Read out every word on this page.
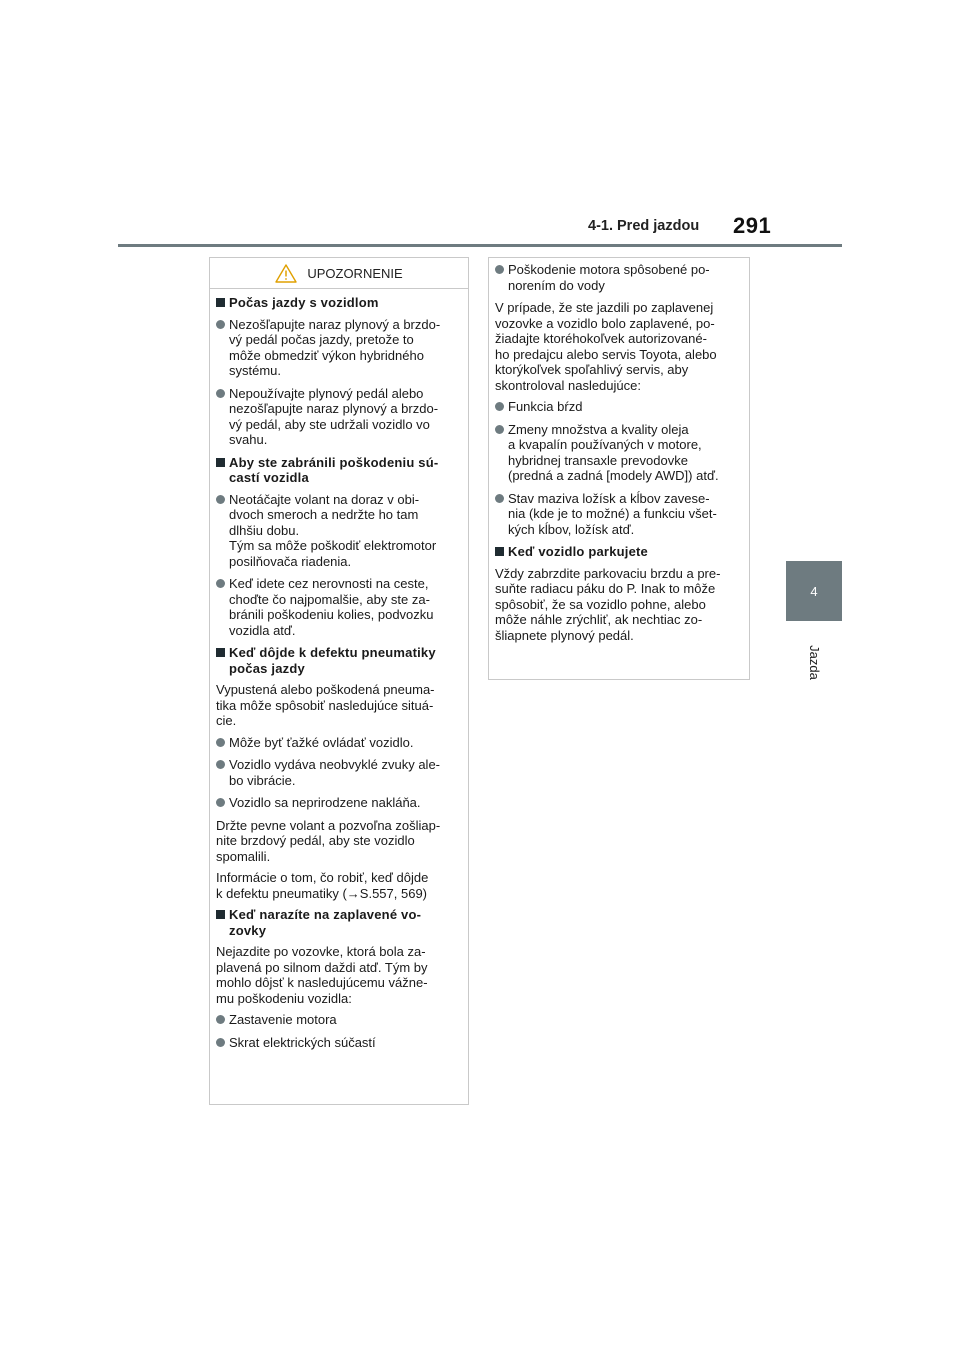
4-1. Pred jazdou 291
4
Jazda
UPOZORNENIE
Počas jazdy s vozidlom
Nezošľapujte naraz plynový a brzdo-
vý pedál počas jazdy, pretože to
môže obmedziť výkon hybridného
systému.
Nepoužívajte plynový pedál alebo
nezošľapujte naraz plynový a brzdo-
vý pedál, aby ste udržali vozidlo vo
svahu.
Aby ste zabránili poškodeniu sú-
castí vozidla
Neotáčajte volant na doraz v obi-
dvoch smeroch a nedržte ho tam
dlhšiu dobu.
Tým sa môže poškodiť elektromotor
posilňovača riadenia.
Keď idete cez nerovnosti na ceste,
choďte čo najpomalšie, aby ste za-
bránili poškodeniu kolies, podvozku
vozidla atď.
Keď dôjde k defektu pneumatiky
počas jazdy
Vypustená alebo poškodená pneuma-
tika môže spôsobiť nasledujúce situá-
cie.
Môže byť ťažké ovládať vozidlo.
Vozidlo vydáva neobvyklé zvuky ale-
bo vibrácie.
Vozidlo sa neprirodzene nakláňa.
Držte pevne volant a pozvoľna zošliap-
nite brzdový pedál, aby ste vozidlo
spomalili.
Informácie o tom, čo robiť, keď dôjde
k defektu pneumatiky (→S.557, 569)
Keď narazíte na zaplavené vo-
zovky
Nejazdite po vozovke, ktorá bola za-
plavená po silnom daždi atď. Tým by
mohlo dôjsť k nasledujúcemu vážne-
mu poškodeniu vozidla:
Zastavenie motora
Skrat elektrických súčastí
Poškodenie motora spôsobené po-
norením do vody
V prípade, že ste jazdili po zaplavenej
vozovke a vozidlo bolo zaplavené, po-
žiadajte ktoréhokoľvek autorizované-
ho predajcu alebo servis Toyota, alebo
ktorýkoľvek spoľahlivý servis, aby
skontroloval nasledujúce:
Funkcia bŕzd
Zmeny množstva a kvality oleja
a kvapalín používaných v motore,
hybridnej transaxle prevodovke
(predná a zadná [modely AWD]) atď.
Stav maziva ložísk a kĺbov zavese-
nia (kde je to možné) a funkciu všet-
kých kĺbov, ložísk atď.
Keď vozidlo parkujete
Vždy zabrzdite parkovaciu brzdu a pre-
suňte radiacu páku do P. Inak to môže
spôsobiť, že sa vozidlo pohne, alebo
môže náhle zrýchliť, ak nechtiac zo-
šliapnete plynový pedál.
